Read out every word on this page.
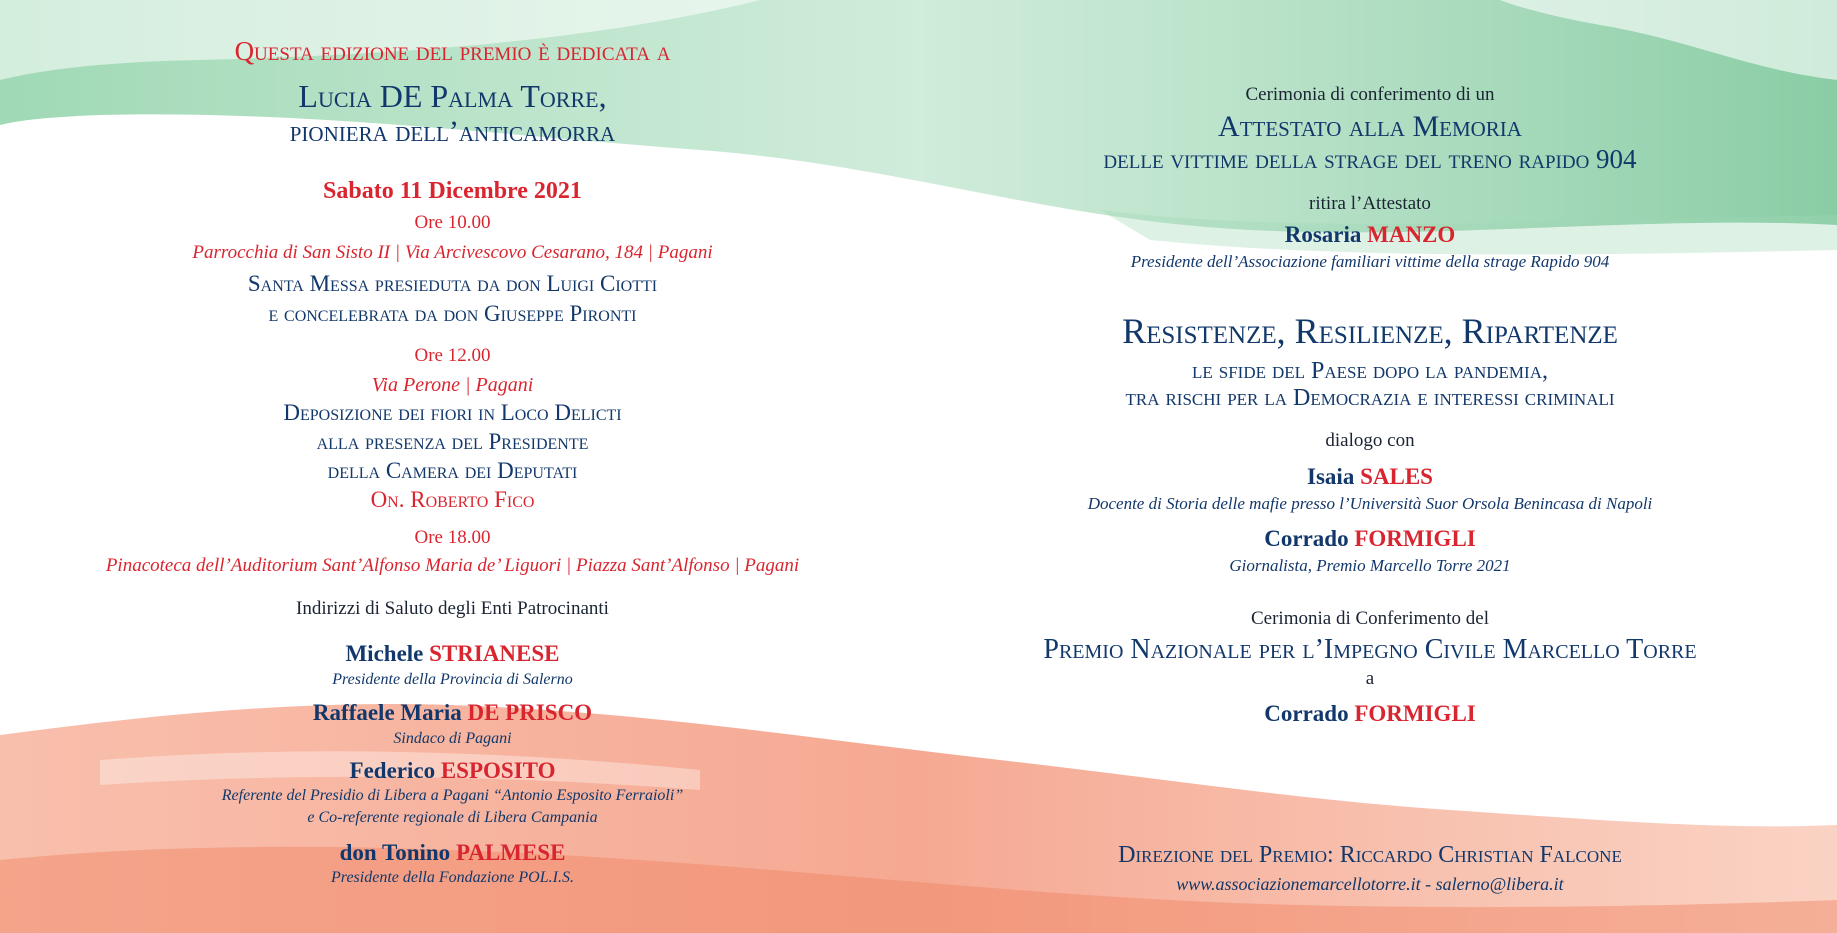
Questa edizione del premio è dedicata a
Lucia DE Palma Torre,
pioniera dell’anticamorra
Sabato 11 Dicembre 2021
Ore 10.00
Parrocchia di San Sisto II | Via Arcivescovo Cesarano, 184 | Pagani
Santa Messa presieduta da don Luigi Ciotti
e concelebrata da don Giuseppe Pironti
Ore 12.00
Via Perone | Pagani
Deposizione dei fiori in Loco Delicti
alla presenza del Presidente
della Camera dei Deputati
On. Roberto Fico
Ore 18.00
Pinacoteca dell’Auditorium Sant’Alfonso Maria de’ Liguori | Piazza Sant’Alfonso | Pagani
Indirizzi di Saluto degli Enti Patrocinanti
Michele STRIANESE
Presidente della Provincia di Salerno
Raffaele Maria DE PRISCO
Sindaco di Pagani
Federico ESPOSITO
Referente del Presidio di Libera a Pagani “Antonio Esposito Ferraioli”
e Co-referente regionale di Libera Campania
don Tonino PALMESE
Presidente della Fondazione POL.I.S.
Cerimonia di conferimento di un
Attestato alla Memoria
delle vittime della strage del treno rapido 904
ritira l’Attestato
Rosaria MANZO
Presidente dell’Associazione familiari vittime della strage Rapido 904
Resistenze, Resilienze, Ripartenze
le sfide del Paese dopo la pandemia,
tra rischi per la Democrazia e interessi criminali
dialogo con
Isaia SALES
Docente di Storia delle mafie presso l’Università Suor Orsola Benincasa di Napoli
Corrado FORMIGLI
Giornalista, Premio Marcello Torre 2021
Cerimonia di Conferimento del
Premio Nazionale per l’Impegno Civile Marcello Torre
a
Corrado FORMIGLI
Direzione del Premio: Riccardo Christian Falcone
www.associazionemarcellotorre.it - salerno@libera.it
